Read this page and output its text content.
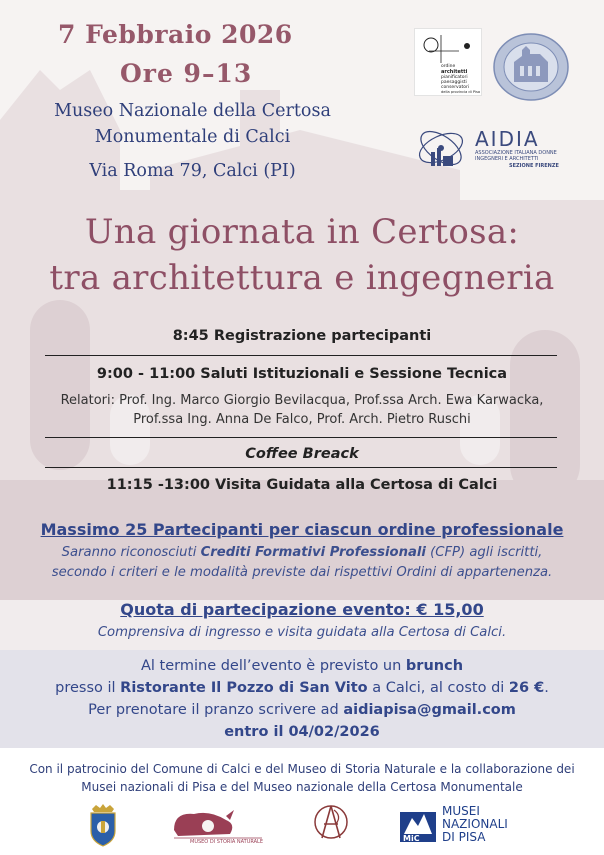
7 Febbraio 2026
Ore 9–13
Museo Nazionale della Certosa
Monumentale di Calci
Via Roma 79, Calci (PI)
ordine
architetti
pianificatori
paesaggisti
conservatori
della provincia di Pisa
AIDIA
ASSOCIAZIONE ITALIANA DONNE
INGEGNERI E ARCHITETTI
SEZIONE FIRENZE
Una giornata in Certosa:
tra architettura e ingegneria
8:45 Registrazione partecipanti
9:00 - 11:00 Saluti Istituzionali e Sessione Tecnica
Relatori: Prof. Ing. Marco Giorgio Bevilacqua, Prof.ssa Arch. Ewa Karwacka,
Prof.ssa Ing. Anna De Falco, Prof. Arch. Pietro Ruschi
Coffee Breack
11:15 -13:00 Visita Guidata alla Certosa di Calci
Massimo 25 Partecipanti per ciascun ordine professionale
Saranno riconosciuti Crediti Formativi Professionali (CFP) agli iscritti,
secondo i criteri e le modalità previste dai rispettivi Ordini di appartenenza.
Quota di partecipazione evento: € 15,00
Comprensiva di ingresso e visita guidata alla Certosa di Calci.
Al termine dell’evento è previsto un brunch
presso il Ristorante Il Pozzo di San Vito a Calci, al costo di 26 €.
Per prenotare il pranzo scrivere ad aidiapisa@gmail.com
entro il 04/02/2026
Con il patrocinio del Comune di Calci e del Museo di Storia Naturale e la collaborazione dei
Musei nazionali di Pisa e del Museo nazionale della Certosa Monumentale
MUSEO DI STORIA NATURALE	MiC
MUSEI
NAZIONALI
DI PISA
